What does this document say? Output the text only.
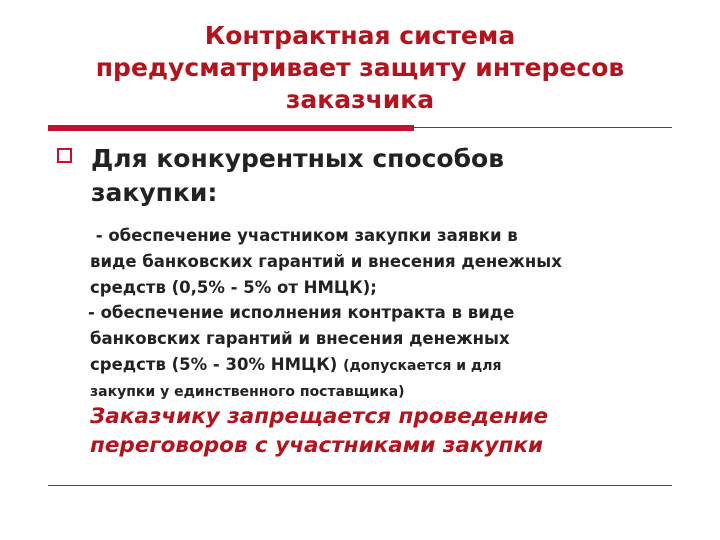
Контрактная система
предусматривает защиту интересов
заказчика
Для конкурентных способов
закупки:
- обеспечение участником закупки заявки в
виде банковских гарантий и внесения денежных
средств (0,5% - 5% от НМЦК);
- обеспечение исполнения контракта в виде
банковских гарантий и внесения денежных
средств (5% - 30% НМЦК) (допускается и для
закупки у единственного поставщика)
Заказчику запрещается проведение
переговоров с участниками закупки
